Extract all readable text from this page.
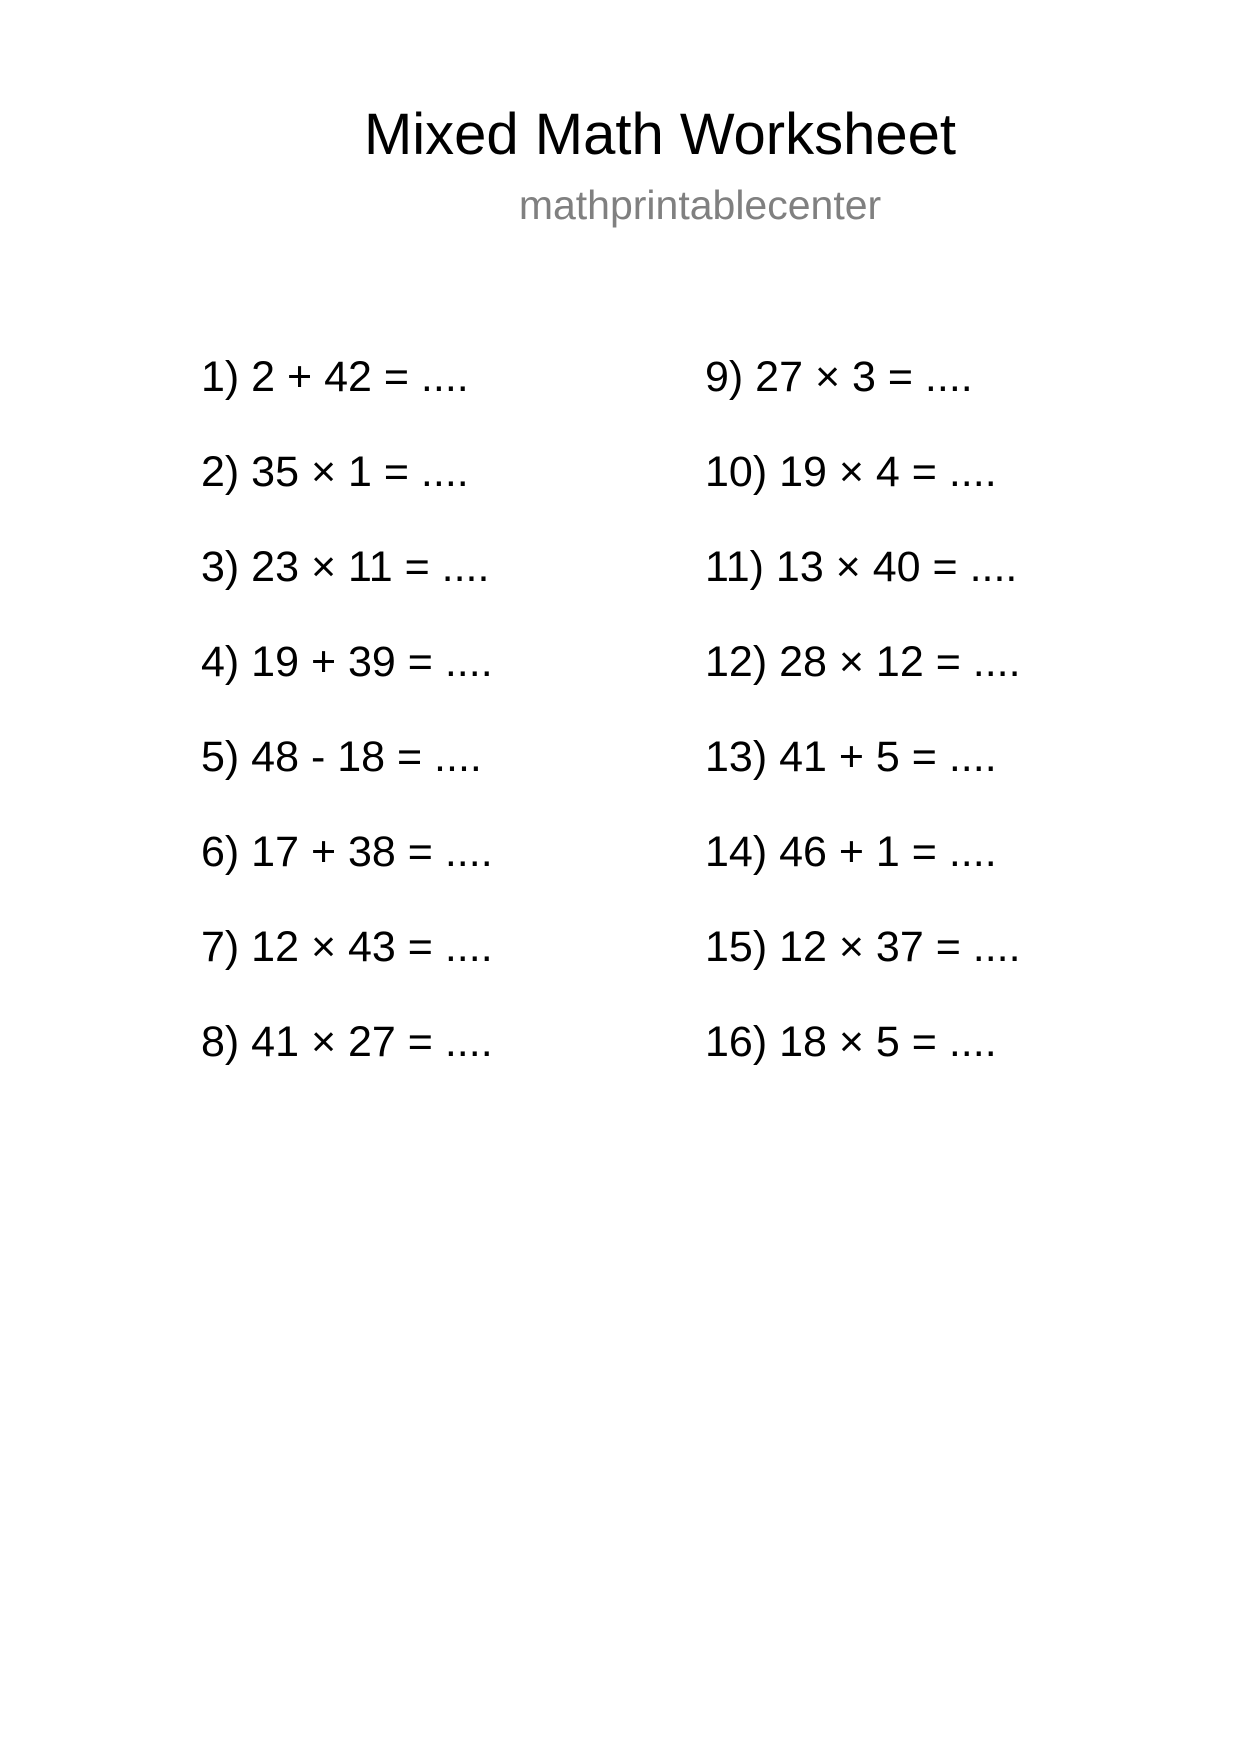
Mixed Math Worksheet
mathprintablecenter
1) 2 + 42 = ....
2) 35 × 1 = ....
3) 23 × 11 = ....
4) 19 + 39 = ....
5) 48 - 18 = ....
6) 17 + 38 = ....
7) 12 × 43 = ....
8) 41 × 27 = ....
9) 27 × 3 = ....
10) 19 × 4 = ....
11) 13 × 40 = ....
12) 28 × 12 = ....
13) 41 + 5 = ....
14) 46 + 1 = ....
15) 12 × 37 = ....
16) 18 × 5 = ....
